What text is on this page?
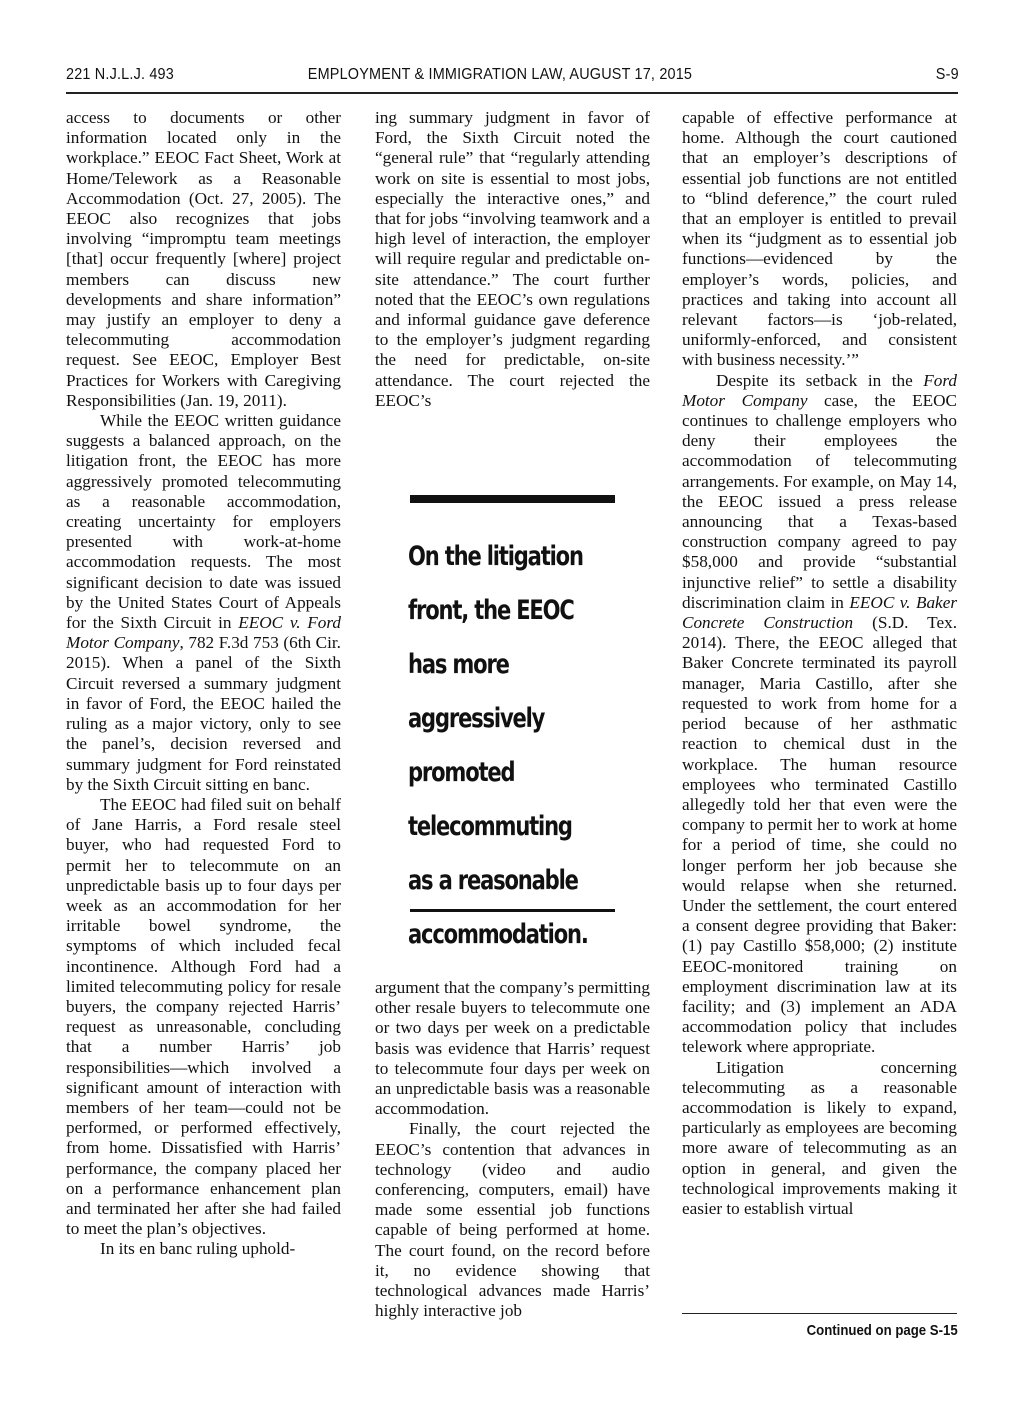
221 N.J.L.J. 493	EMPLOYMENT & IMMIGRATION LAW, AUGUST 17, 2015	S-9

access to documents or other information located only in the workplace.” EEOC Fact Sheet, Work at Home/Telework as a Reasonable Accommodation (Oct. 27, 2005). The EEOC also recognizes that jobs involving “impromptu team meetings [that] occur frequently [where] project members can discuss new developments and share information” may justify an employer to deny a telecommuting accommodation request. See EEOC, Employer Best Practices for Workers with Caregiving Responsibilities (Jan. 19, 2011).

While the EEOC written guidance suggests a balanced approach, on the litigation front, the EEOC has more aggressively promoted telecommuting as a reasonable accommodation, creating uncertainty for employers presented with work-at-home accommodation requests. The most significant decision to date was issued by the United States Court of Appeals for the Sixth Circuit in EEOC v. Ford Motor Company, 782 F.3d 753 (6th Cir. 2015). When a panel of the Sixth Circuit reversed a summary judgment in favor of Ford, the EEOC hailed the ruling as a major victory, only to see the panel’s, decision reversed and summary judgment for Ford reinstated by the Sixth Circuit sitting en banc.

The EEOC had filed suit on behalf of Jane Harris, a Ford resale steel buyer, who had requested Ford to permit her to telecommute on an unpredictable basis up to four days per week as an accommodation for her irritable bowel syndrome, the symptoms of which included fecal incontinence. Although Ford had a limited telecommuting policy for resale buyers, the company rejected Harris’ request as unreasonable, concluding that a number Harris’ job responsibilities—which involved a significant amount of interaction with members of her team—could not be performed, or performed effectively, from home. Dissatisfied with Harris’ performance, the company placed her on a performance enhancement plan and terminated her after she had failed to meet the plan’s objectives.

In its en banc ruling uphold-

ing summary judgment in favor of Ford, the Sixth Circuit noted the “general rule” that “regularly attending work on site is essential to most jobs, especially the interactive ones,” and that for jobs “involving teamwork and a high level of interaction, the employer will require regular and predictable on-site attendance.” The court further noted that the EEOC’s own regulations and informal guidance gave deference to the employer’s judgment regarding the need for predictable, on-site attendance. The court rejected the EEOC’s

On the litigation front, the EEOC has more aggressively promoted telecommuting as a reasonable accommodation.

argument that the company’s permitting other resale buyers to telecommute one or two days per week on a predictable basis was evidence that Harris’ request to telecommute four days per week on an unpredictable basis was a reasonable accommodation.

Finally, the court rejected the EEOC’s contention that advances in technology (video and audio conferencing, computers, email) have made some essential job functions capable of being performed at home. The court found, on the record before it, no evidence showing that technological advances made Harris’ highly interactive job

capable of effective performance at home. Although the court cautioned that an employer’s descriptions of essential job functions are not entitled to “blind deference,” the court ruled that an employer is entitled to prevail when its “judgment as to essential job functions—evidenced by the employer’s words, policies, and practices and taking into account all relevant factors—is ‘job-related, uniformly-enforced, and consistent with business necessity.’”

Despite its setback in the Ford Motor Company case, the EEOC continues to challenge employers who deny their employees the accommodation of telecommuting arrangements. For example, on May 14, the EEOC issued a press release announcing that a Texas-based construction company agreed to pay $58,000 and provide “substantial injunctive relief” to settle a disability discrimination claim in EEOC v. Baker Concrete Construction (S.D. Tex. 2014). There, the EEOC alleged that Baker Concrete terminated its payroll manager, Maria Castillo, after she requested to work from home for a period because of her asthmatic reaction to chemical dust in the workplace. The human resource employees who terminated Castillo allegedly told her that even were the company to permit her to work at home for a period of time, she could no longer perform her job because she would relapse when she returned. Under the settlement, the court entered a consent degree providing that Baker: (1) pay Castillo $58,000; (2) institute EEOC-monitored training on employment discrimination law at its facility; and (3) implement an ADA accommodation policy that includes telework where appropriate.

Litigation concerning telecommuting as a reasonable accommodation is likely to expand, particularly as employees are becoming more aware of telecommuting as an option in general, and given the technological improvements making it easier to establish virtual

Continued on page S-15
